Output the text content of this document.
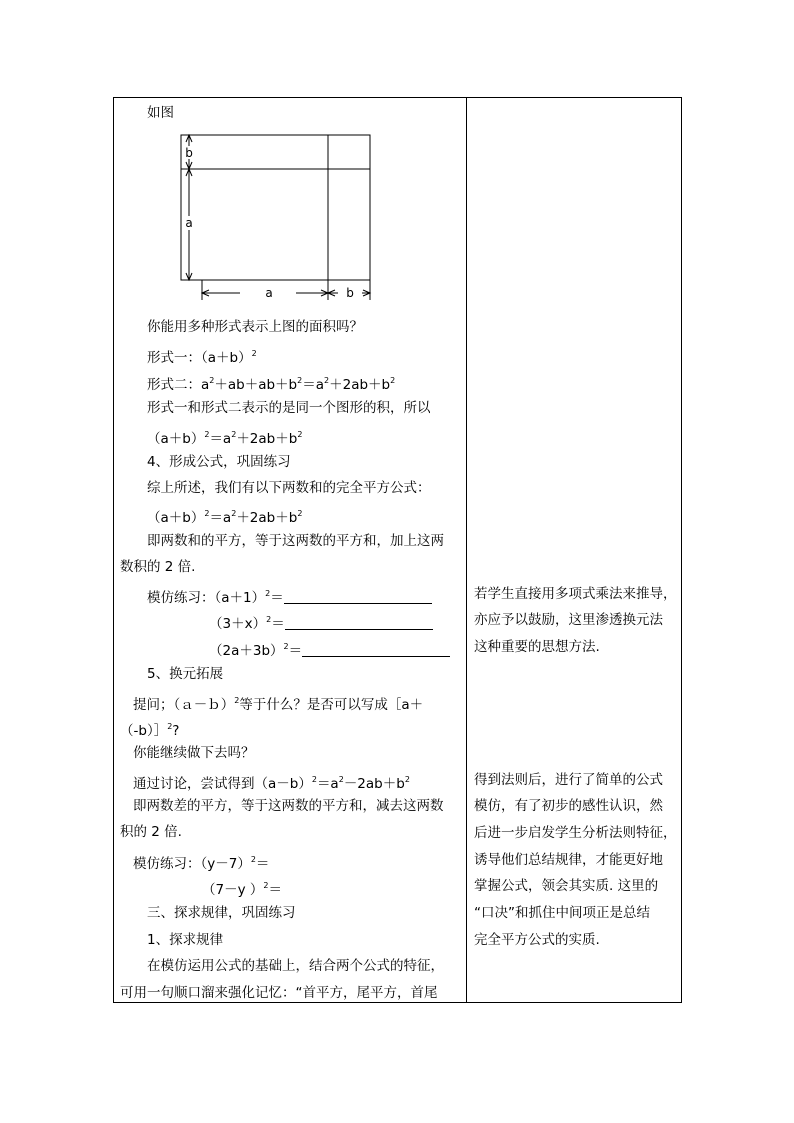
如图
b
a
a	b
你能用多种形式表示上图的面积吗？
形式一：$(a+b)^2$
形式二：$a^2+ab+ab+b^2=a^2+2ab+b^2$
形式一和形式二表示的是同一个图形的积，所以
$(a+b)^2=a^2+2ab+b^2$
4、形成公式，巩固练习
综上所述，我们有以下两数和的完全平方公式：
$(a+b)^2=a^2+2ab+b^2$
即两数和的平方，等于这两数的平方和，加上这两
数积的 2 倍.
模仿练习：$(a+1)^2=$
$(3+x)^2=$
$(2a+3b)^2=$
5、换元拓展
提问；（ａ－ｂ）$^2$等于什么？是否可以写成［a＋
（-b）］$^2$?
你能继续做下去吗？
通过讨论，尝试得到$(a-b)^2=a^2-2ab+b^2$
即两数差的平方，等于这两数的平方和，减去这两数
积的 2 倍.
模仿练习：$(y-7)^2=$
（7－y ）$^2$＝
三、探求规律，巩固练习
1、探求规律
在模仿运用公式的基础上，结合两个公式的特征，
可用一句顺口溜来强化记忆：“首平方，尾平方，首尾
若学生直接用多项式乘法来推导，
亦应予以鼓励，这里渗透换元法
这种重要的思想方法.
得到法则后，进行了简单的公式
模仿，有了初步的感性认识，然
后进一步启发学生分析法则特征，
诱导他们总结规律，才能更好地
掌握公式，领会其实质. 这里的
“口决”和抓住中间项正是总结
完全平方公式的实质.
